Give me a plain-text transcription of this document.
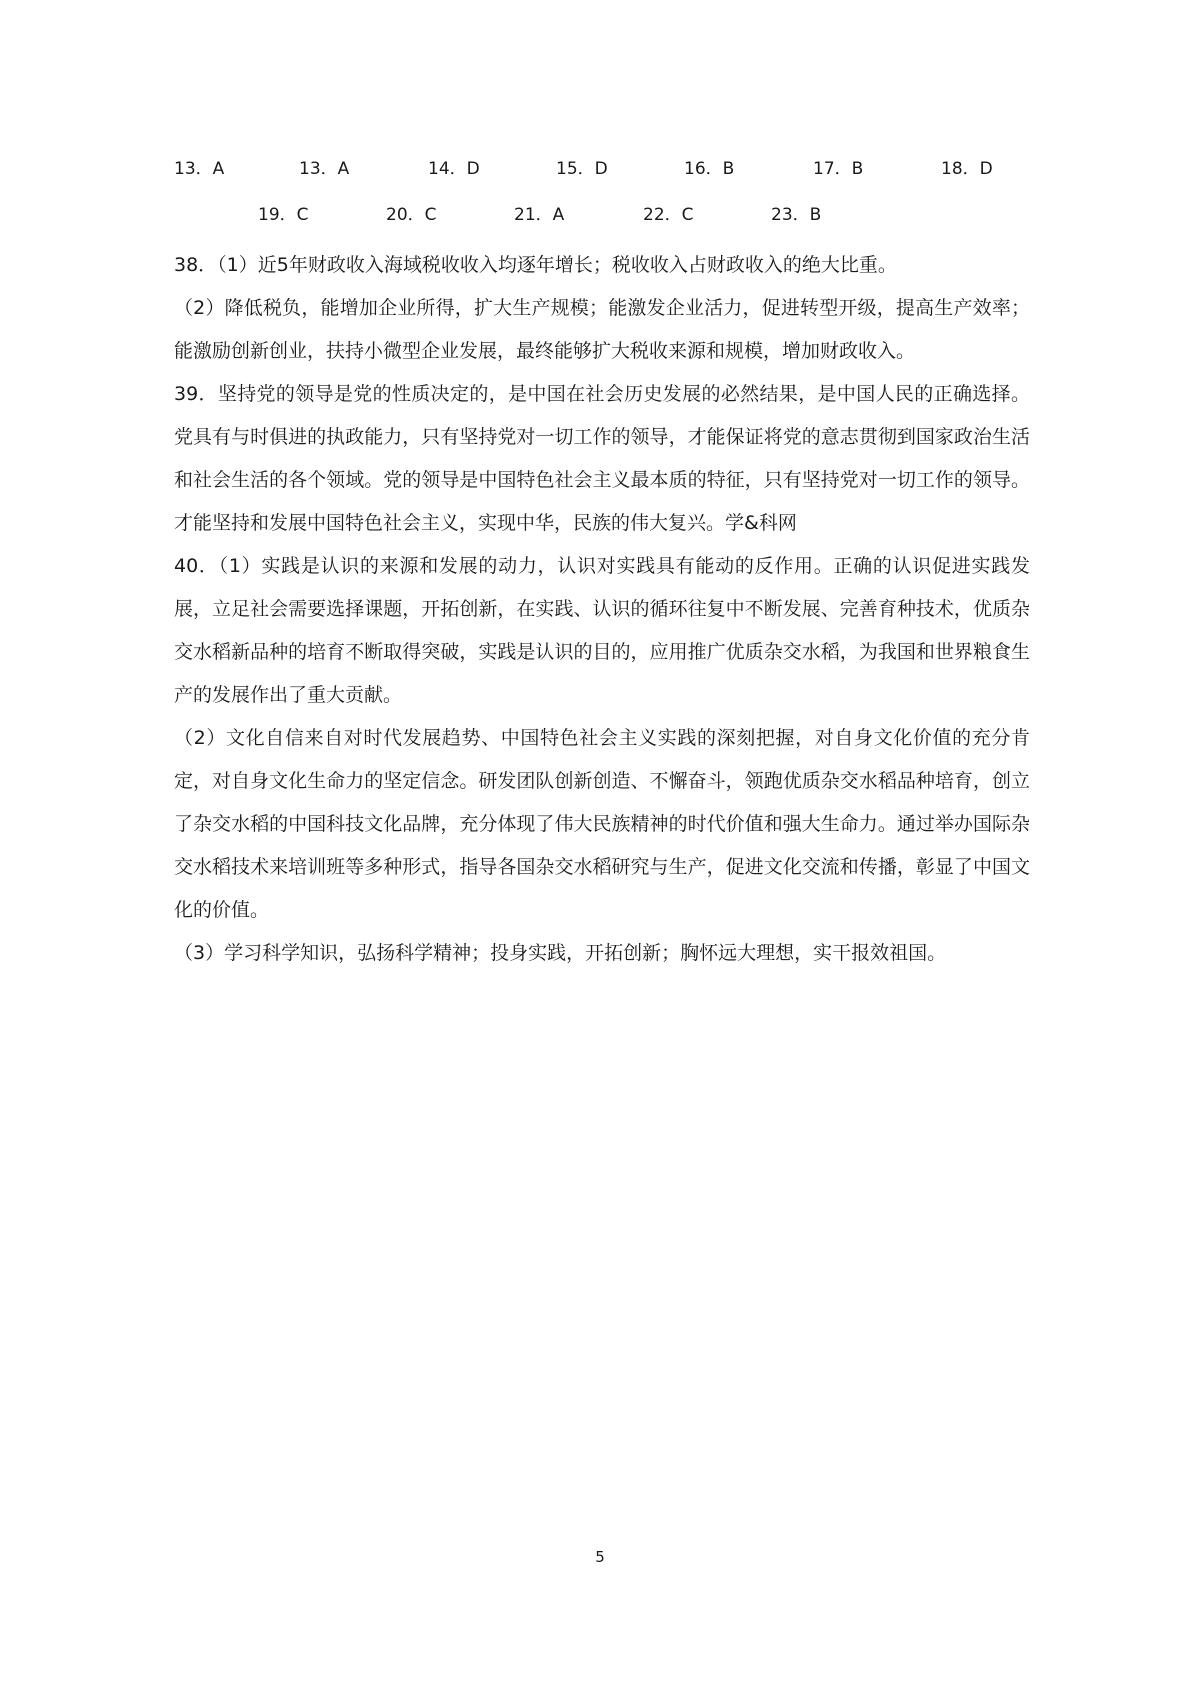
13．A	13．A	14．D	15．D	16．B	17．B	18．D
19．C	20．C	21．A	22．C	23．B

38．（1）近5年财政收入海域税收收入均逐年增长；税收收入占财政收入的绝大比重。

（2）降低税负，能增加企业所得，扩大生产规模；能激发企业活力，促进转型开级，提高生产效率；能激励创新创业，扶持小微型企业发展，最终能够扩大税收来源和规模，增加财政收入。

39．坚持党的领导是党的性质决定的，是中国在社会历史发展的必然结果，是中国人民的正确选择。党具有与时俱进的执政能力，只有坚持党对一切工作的领导，才能保证将党的意志贯彻到国家政治生活和社会生活的各个领域。党的领导是中国特色社会主义最本质的特征，只有坚持党对一切工作的领导。才能坚持和发展中国特色社会主义，实现中华，民族的伟大复兴。学&科网

40．（1）实践是认识的来源和发展的动力，认识对实践具有能动的反作用。正确的认识促进实践发展，立足社会需要选择课题，开拓创新，在实践、认识的循环往复中不断发展、完善育种技术，优质杂交水稻新品种的培育不断取得突破，实践是认识的目的，应用推广优质杂交水稻，为我国和世界粮食生产的发展作出了重大贡献。

（2）文化自信来自对时代发展趋势、中国特色社会主义实践的深刻把握，对自身文化价值的充分肯定，对自身文化生命力的坚定信念。研发团队创新创造、不懈奋斗，领跑优质杂交水稻品种培育，创立了杂交水稻的中国科技文化品牌，充分体现了伟大民族精神的时代价值和强大生命力。通过举办国际杂交水稻技术来培训班等多种形式，指导各国杂交水稻研究与生产，促进文化交流和传播，彰显了中国文化的价值。

（3）学习科学知识，弘扬科学精神；投身实践，开拓创新；胸怀远大理想，实干报效祖国。

5
